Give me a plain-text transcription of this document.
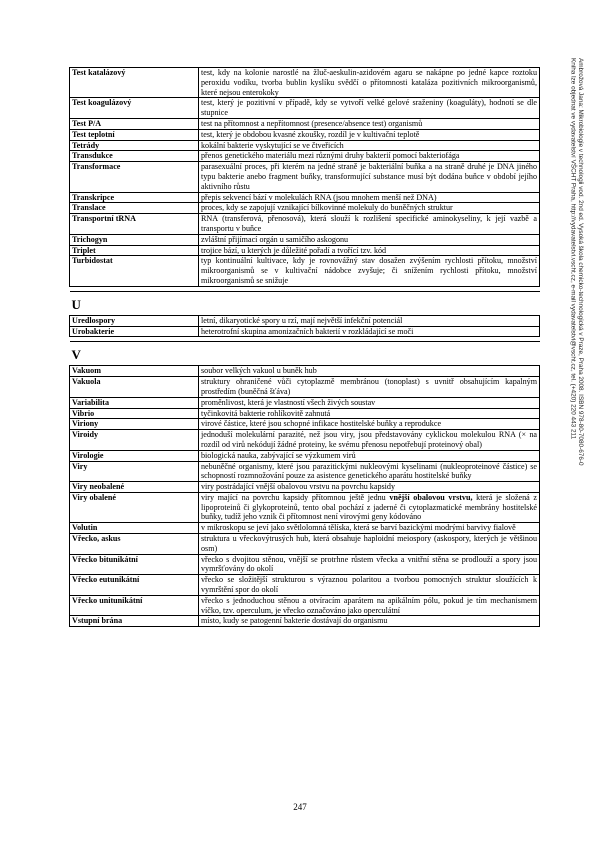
Test katalázový	test, kdy na kolonie narostlé na žluč-aeskulin-azidovém agaru se nakápne po jedné kapce roztoku peroxidu vodíku, tvorba bublin kyslíku svědčí o přítomnosti kataláza pozitivních mikroorganismů, které nejsou enterokoky
Test koagulázový	test, který je pozitivní v případě, kdy se vytvoří velké gelové sraženiny (koaguláty), hodnotí se dle stupnice
Test P/A	test na přítomnost a nepřítomnost (presence/absence test) organismů
Test teplotní	test, který je obdobou kvasné zkoušky, rozdíl je v kultivační teplotě
Tetrády	kokální bakterie vyskytující se ve čtveřicích
Transdukce	přenos genetického materiálu mezi různými druhy bakterií pomocí bakteriofága
Transformace	parasexuální proces, při kterém na jedné straně je bakteriální buňka a na straně druhé je DNA jiného typu bakterie anebo fragment buňky, transformující substance musí být dodána buňce v období jejího aktivního růstu
Transkripce	přepis sekvencí bází v molekulách RNA (jsou mnohem menší než DNA)
Translace	proces, kdy se zapojují vznikající bílkovinné molekuly do buněčných struktur
Transportní tRNA	RNA (transferová, přenosová), která slouží k rozlišení specifické aminokyseliny, k její vazbě a transportu v buňce
Trichogyn	zvláštní přijímací orgán u samičího askogonu
Triplet	trojice bází, u kterých je důležité pořadí a tvořící tzv. kód
Turbidostat	typ kontinuální kultivace, kdy je rovnovážný stav dosažen zvýšením rychlosti přítoku, množství mikroorganismů se v kultivační nádobce zvyšuje; či snížením rychlosti přítoku, množství mikroorganismů se snižuje

U	
Uredlospory	letní, dikaryotické spory u rzí, mají největší infekční potenciál
Urobakterie	heterotrofní skupina amonizačních bakterií v rozkládající se moči

V	
Vakuom	soubor velkých vakuol u buněk hub
Vakuola	struktury ohraničené vůči cytoplazmě membránou (tonoplast) s uvnitř obsahujícím kapalným prostředím (buněčná šťáva)
Variabilita	proměnlivost, která je vlastností všech živých soustav
Vibrio	tyčinkovitá bakterie rohlíkovitě zahnutá
Viriony	virové částice, které jsou schopné infikace hostitelské buňky a reprodukce
Viroidy	jednoduší molekulární parazité, než jsou viry, jsou představovány cyklickou molekulou RNA (× na rozdíl od virů nekódují žádné proteiny, ke svému přenosu nepotřebují proteinový obal)
Virologie	biologická nauka, zabývající se výzkumem virů
Viry	nebuněčné organismy, které jsou parazitickými nukleovými kyselinami (nukleoproteinové částice) se schopností rozmnožování pouze za asistence genetického aparátu hostitelské buňky
Viry neobalené	viry postrádající vnější obalovou vrstvu na povrchu kapsidy
Viry obalené	viry mající na povrchu kapsidy přítomnou ještě jednu vnější obalovou vrstvu, která je složená z lipoproteinů či glykoproteinů, tento obal pochází z jaderné či cytoplazmatické membrány hostitelské buňky, tudíž jeho vznik či přítomnost není virovými geny kódováno
Volutin	v mikroskopu se jeví jako světlolomná tělíska, která se barví bazickými modrými barvivy fialově
Vřecko, askus	struktura u vřeckovýtrusých hub, která obsahuje haploidní meiospory (askospory, kterých je většinou osm)
Vřecko bitunikátní	vřecko s dvojitou stěnou, vnější se protrhne růstem vřecka a vnitřní stěna se prodlouží a spory jsou vymršťovány do okolí
Vřecko eutunikátní	vřecko se složitější strukturou s výraznou polaritou a tvorbou pomocných struktur sloužících k vymrštění spor do okolí
Vřecko unitunikátní	vřecko s jednoduchou stěnou a otvíracím aparátem na apikálním pólu, pokud je tím mechanismem víčko, tzv. operculum, je vřecko označováno jako operculátní
Vstupní brána	místo, kudy se patogenní bakterie dostávají do organismu
Ambrožová Jana: Mikrobiologie v technologii vod. 2nd ed. Vysoká škola chemicko-technologická v Praze, Praha 2008. ISBN 978-80-7080-676-0
Kniha lze objednat ve vydavatelství VŠCHT Praha, http://vydavatelstvi.vscht.cz, e-mail vydavatelstvi@vscht.cz, tel. (+420) 220 443 211
247
